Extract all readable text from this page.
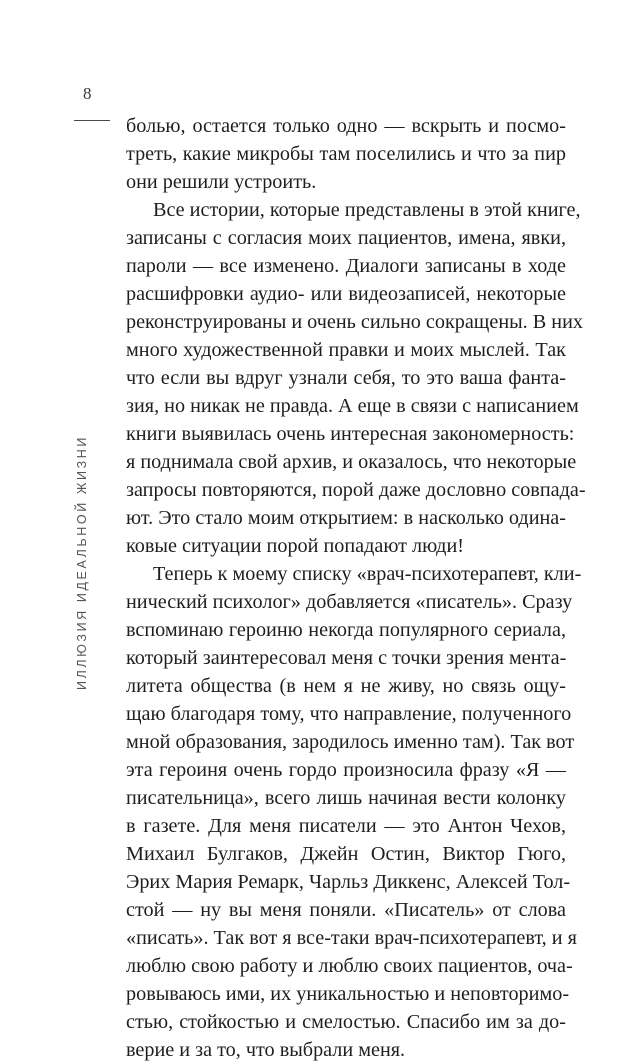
8
ИЛЛЮЗИЯ ИДЕАЛЬНОЙ ЖИЗНИ
болью, остается только одно — вскрыть и посмо-
треть, какие микробы там поселились и что за пир
они решили устроить.
Все истории, которые представлены в этой книге,
записаны с согласия моих пациентов, имена, явки,
пароли — все изменено. Диалоги записаны в ходе
расшифровки аудио- или видеозаписей, некоторые
реконструированы и очень сильно сокращены. В них
много художественной правки и моих мыслей. Так
что если вы вдруг узнали себя, то это ваша фанта-
зия, но никак не правда. А еще в связи с написанием
книги выявилась очень интересная закономерность:
я поднимала свой архив, и оказалось, что некоторые
запросы повторяются, порой даже дословно совпада-
ют. Это стало моим открытием: в насколько одина-
ковые ситуации порой попадают люди!
Теперь к моему списку «врач-психотерапевт, кли-
нический психолог» добавляется «писатель». Сразу
вспоминаю героиню некогда популярного сериала,
который заинтересовал меня с точки зрения мента-
литета общества (в нем я не живу, но связь ощу-
щаю благодаря тому, что направление, полученного
мной образования, зародилось именно там). Так вот
эта героиня очень гордо произносила фразу «Я —
писательница», всего лишь начиная вести колонку
в газете. Для меня писатели — это Антон Чехов,
Михаил Булгаков, Джейн Остин, Виктор Гюго,
Эрих Мария Ремарк, Чарльз Диккенс, Алексей Тол-
стой — ну вы меня поняли. «Писатель» от слова
«писать». Так вот я все-таки врач-психотерапевт, и я
люблю свою работу и люблю своих пациентов, оча-
ровываюсь ими, их уникальностью и неповторимо-
стью, стойкостью и смелостью. Спасибо им за до-
верие и за то, что выбрали меня.
